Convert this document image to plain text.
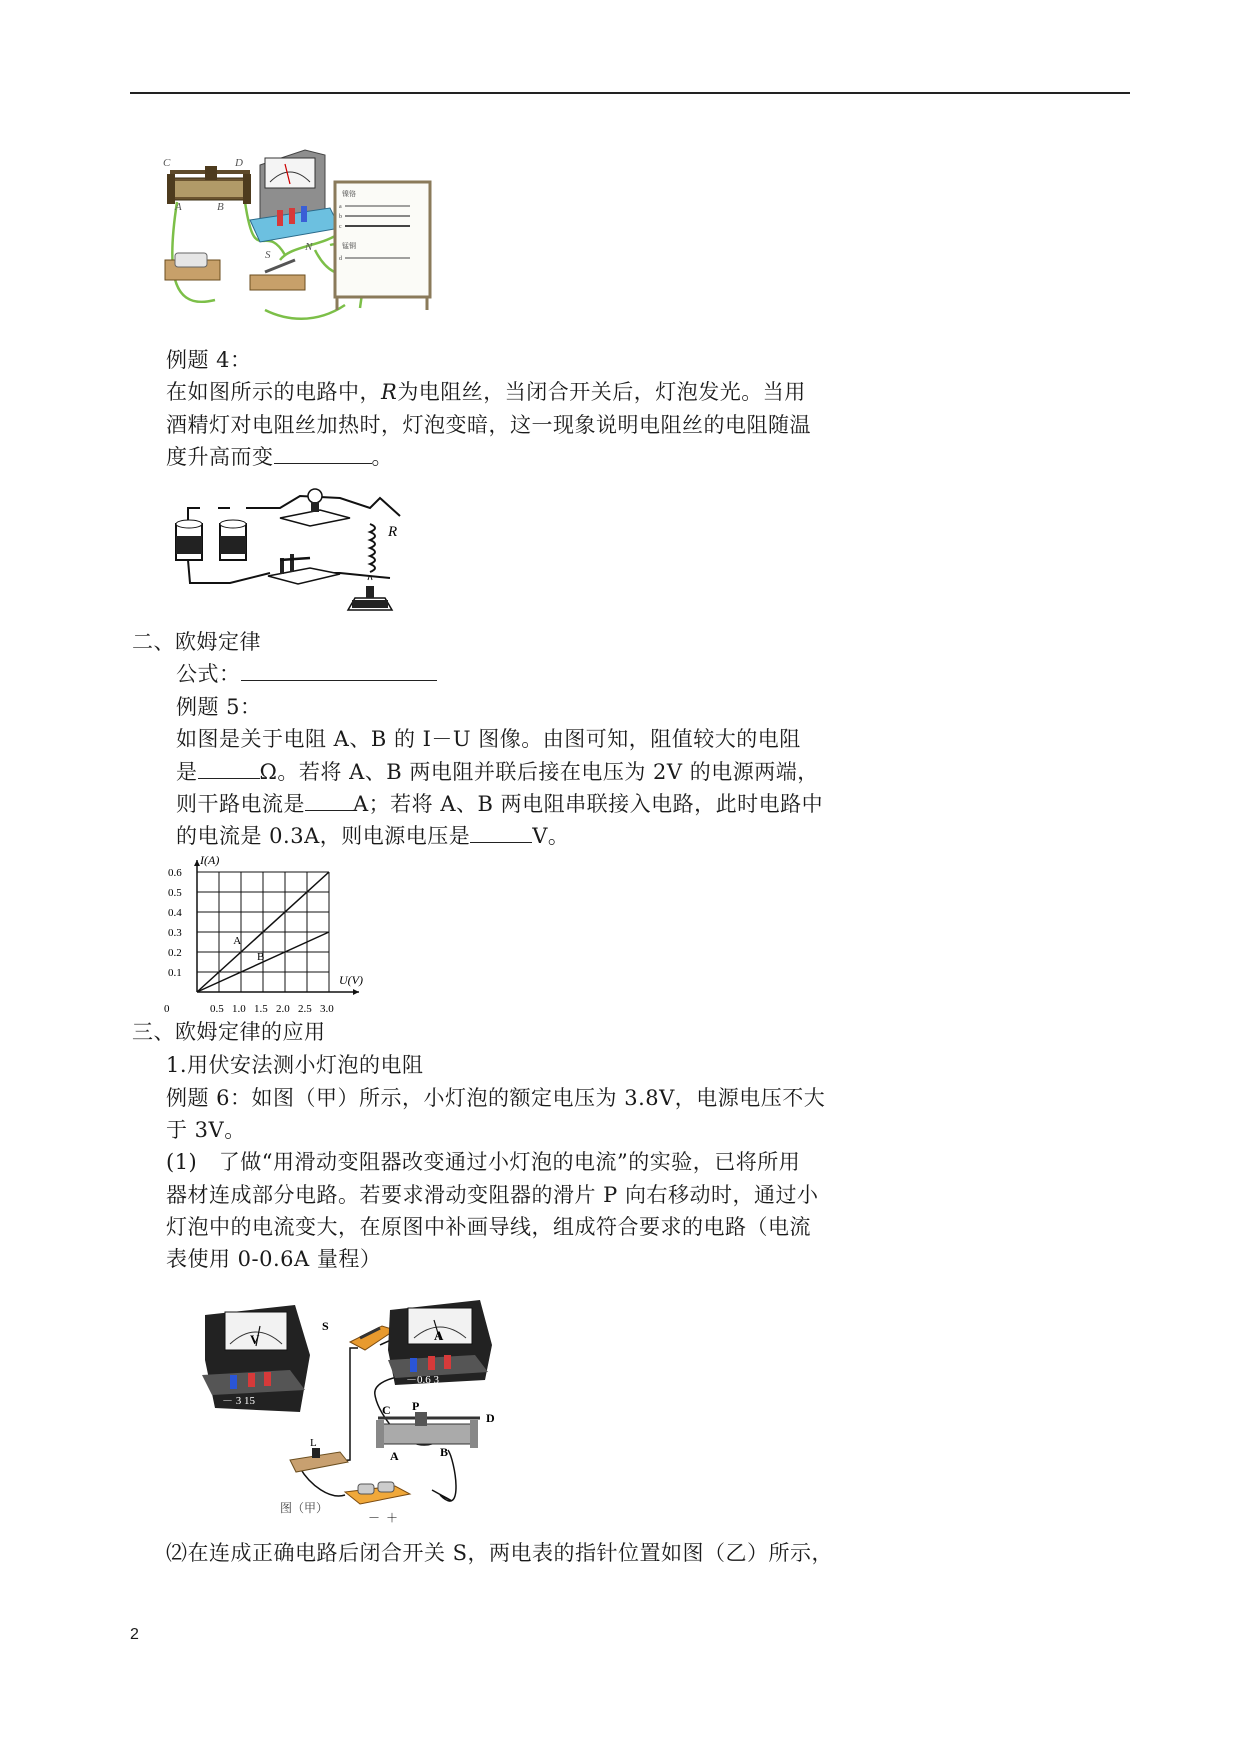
C	D
A	B
S
N
镍铬
锰铜
a
b
c
d
例题 4：
在如图所示的电路中，R为电阻丝，当闭合开关后，灯泡发光。当用
酒精灯对电阻丝加热时，灯泡变暗，这一现象说明电阻丝的电阻随温
度升高而变	。
R
二、欧姆定律
公式：
例题 5：
如图是关于电阻 A、B 的 I－U 图像。由图可知，阻值较大的电阻
是	Ω。若将 A、B 两电阻并联后接在电压为 2V 的电源两端，
则干路电流是 A；若将 A、B 两电阻串联接入电路，此时电路中
的电流是 0.3A，则电源电压是	V。
A
B
0.1
0.2
0.3
0.4
0.5
0.6
0.5 1.0 1.5 2.0 2.5 3.0
0
I(A)
U(V)
三、欧姆定律的应用
1.用伏安法测小灯泡的电阻
例题 6：如图（甲）所示，小灯泡的额定电压为 3.8V，电源电压不大
于 3V。
(1)　了做“用滑动变阻器改变通过小灯泡的电流”的实验，已将所用
器材连成部分电路。若要求滑动变阻器的滑片 P 向右移动时，通过小
灯泡中的电流变大，在原图中补画导线，组成符合要求的电路（电流
表使用 0-0.6A 量程）
V
－ 3 15
S
A
－0.6 3
P
C
D
A	B
L
－ ＋
图（甲）
⑵在连成正确电路后闭合开关 S，两电表的指针位置如图（乙）所示，
2
